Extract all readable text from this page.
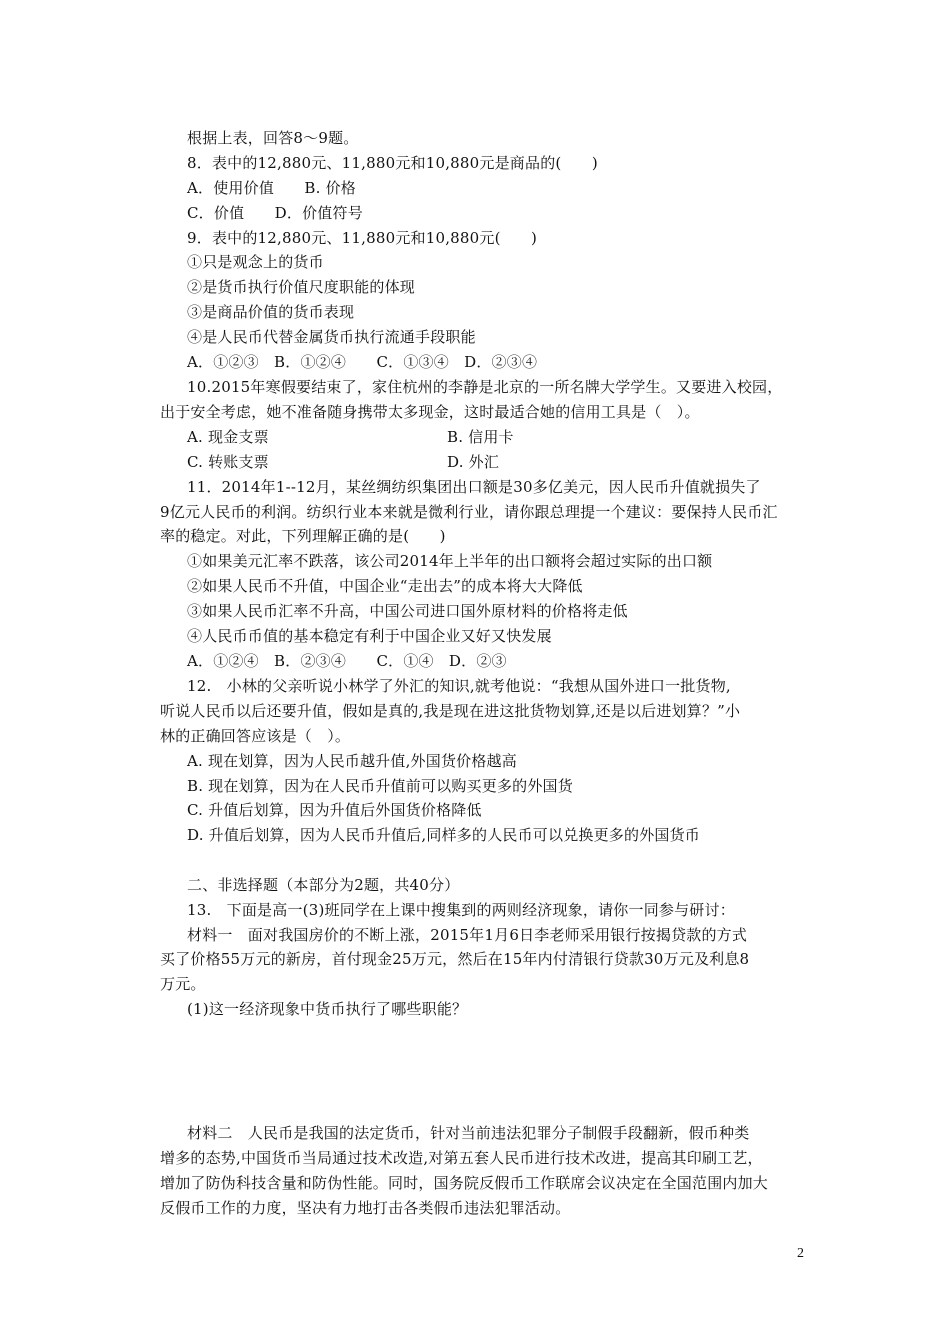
根据上表，回答8～9题。
8．表中的12,880元、11,880元和10,880元是商品的(　　)
A．使用价值　　B. 价格
C．价值　　D．价值符号
9．表中的12,880元、11,880元和10,880元(　　)
①只是观念上的货币
②是货币执行价值尺度职能的体现
③是商品价值的货币表现
④是人民币代替金属货币执行流通手段职能
A．①②③　B．①②④　　C．①③④　D．②③④
10.2015年寒假要结束了，家住杭州的李静是北京的一所名牌大学学生。又要进入校园，
出于安全考虑，她不准备随身携带太多现金，这时最适合她的信用工具是（　）。
A. 现金支票	B. 信用卡
C. 转账支票	D. 外汇
11．2014年1--12月，某丝绸纺织集团出口额是30多亿美元，因人民币升值就损失了
9亿元人民币的利润。纺织行业本来就是微利行业，请你跟总理提一个建议：要保持人民币汇
率的稳定。对此，下列理解正确的是(　　)
①如果美元汇率不跌落，该公司2014年上半年的出口额将会超过实际的出口额
②如果人民币不升值，中国企业“走出去”的成本将大大降低
③如果人民币汇率不升高，中国公司进口国外原材料的价格将走低
④人民币币值的基本稳定有利于中国企业又好又快发展
A．①②④　B．②③④　　C．①④　D．②③
12.　小林的父亲听说小林学了外汇的知识,就考他说：“我想从国外进口一批货物,
听说人民币以后还要升值，假如是真的,我是现在进这批货物划算,还是以后进划算？”小
林的正确回答应该是（　）。
A. 现在划算，因为人民币越升值,外国货价格越高
B. 现在划算，因为在人民币升值前可以购买更多的外国货
C. 升值后划算，因为升值后外国货价格降低
D. 升值后划算，因为人民币升值后,同样多的人民币可以兑换更多的外国货币
二、非选择题（本部分为2题，共40分）
13.　下面是高一(3)班同学在上课中搜集到的两则经济现象，请你一同参与研讨：
材料一　面对我国房价的不断上涨，2015年1月6日李老师采用银行按揭贷款的方式
买了价格55万元的新房，首付现金25万元，然后在15年内付清银行贷款30万元及利息8
万元。
(1)这一经济现象中货币执行了哪些职能？
材料二　人民币是我国的法定货币，针对当前违法犯罪分子制假手段翻新，假币种类
增多的态势,中国货币当局通过技术改造,对第五套人民币进行技术改进，提高其印刷工艺，
增加了防伪科技含量和防伪性能。同时，国务院反假币工作联席会议决定在全国范围内加大
反假币工作的力度，坚决有力地打击各类假币违法犯罪活动。
2
